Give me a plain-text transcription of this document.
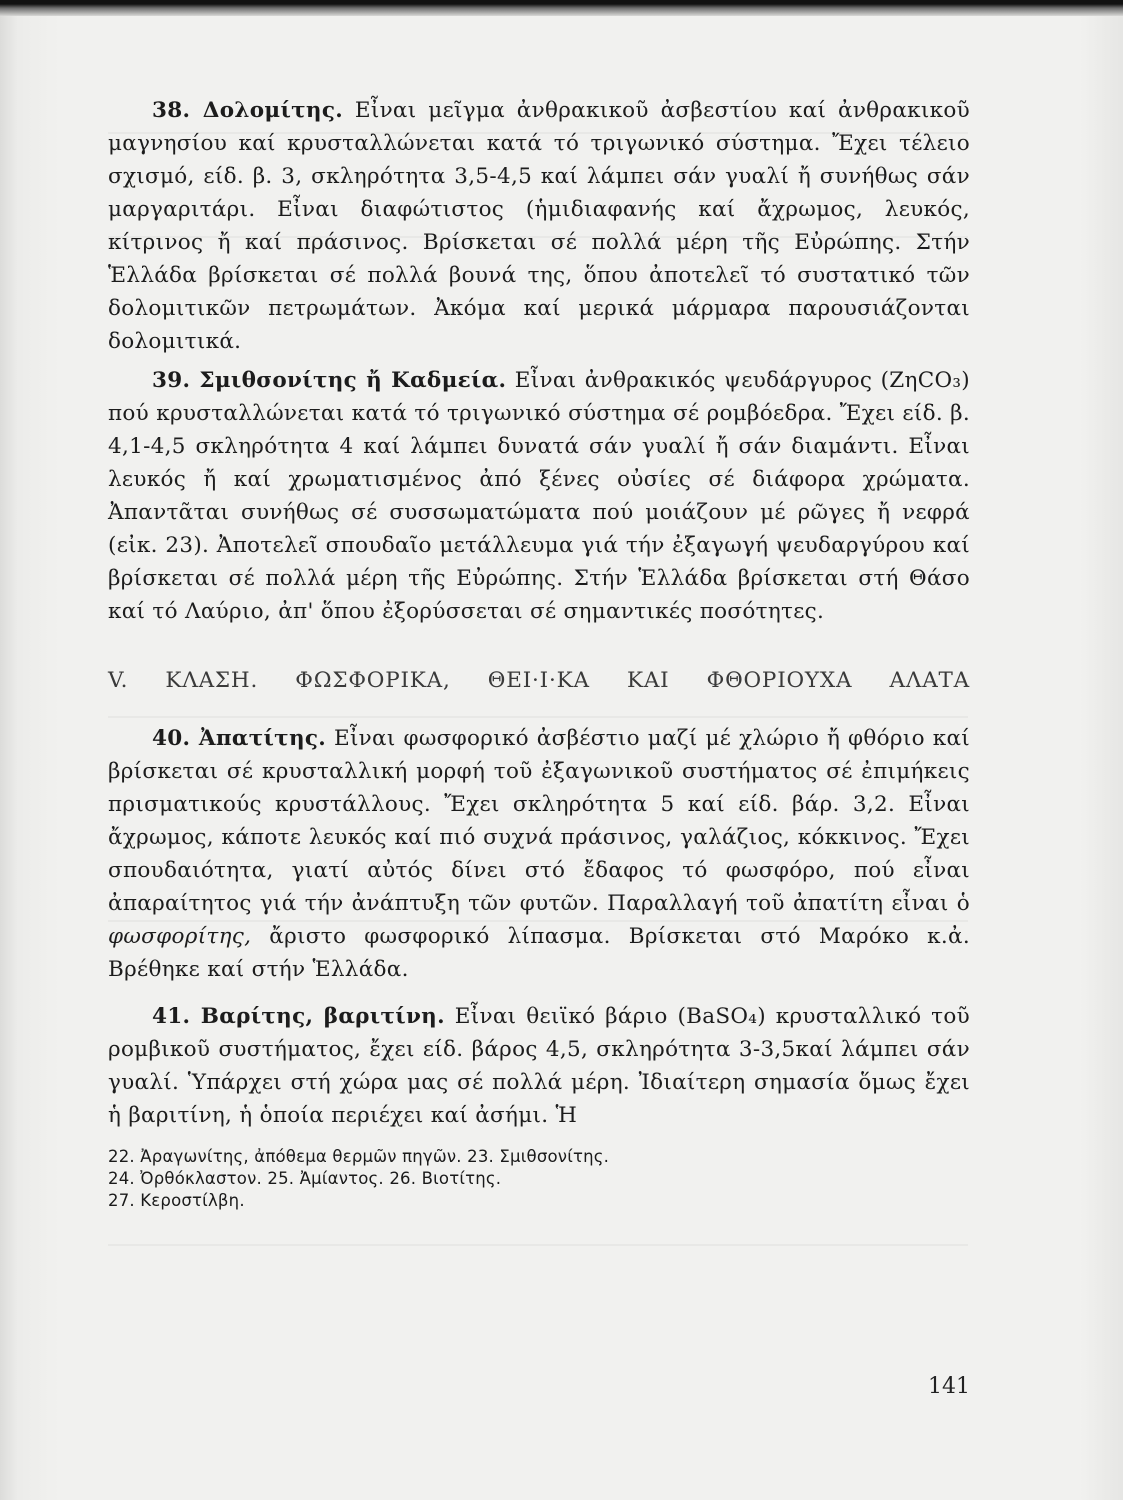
38. Δολομίτης. Εἶναι μεῖγμα ἀνθρακικοῦ ἀσβεστίου καί ἀνθρακικοῦ μαγνησίου καί κρυσταλλώνεται κατά τό τριγωνικό σύστημα. Ἔχει τέλειο σχισμό, είδ. β. 3, σκληρότητα 3,5-4,5 καί λάμπει σάν γυαλί ἤ συνήθως σάν μαργαριτάρι. Εἶναι διαφώτιστος (ἡμιδιαφανής καί ἄχρωμος, λευκός, κίτρινος ἤ καί πράσινος. Βρίσκεται σέ πολλά μέρη τῆς Εὐρώπης. Στήν Ἑλλάδα βρίσκεται σέ πολλά βουνά της, ὅπου ἀποτελεῖ τό συστατικό τῶν δολομιτικῶν πετρωμάτων. Ἀκόμα καί μερικά μάρμαρα παρουσιάζονται δολομιτικά.

39. Σμιθσονίτης ἤ Καδμεία. Εἶναι ἀνθρακικός ψευδάργυρος (ZηCO₃) πού κρυσταλλώνεται κατά τό τριγωνικό σύστημα σέ ρομβόεδρα. Ἔχει είδ. β. 4,1-4,5 σκληρότητα 4 καί λάμπει δυνατά σάν γυαλί ἤ σάν διαμάντι. Εἶναι λευκός ἤ καί χρωματισμένος ἀπό ξένες οὐσίες σέ διάφορα χρώματα. Ἀπαντᾶται συνήθως σέ συσσωματώματα πού μοιάζουν μέ ρῶγες ἤ νεφρά (εἰκ. 23). Ἀποτελεῖ σπουδαῖο μετάλλευμα γιά τήν ἐξαγωγή ψευδαργύρου καί βρίσκεται σέ πολλά μέρη τῆς Εὐρώπης. Στήν Ἑλλάδα βρίσκεται στή Θάσο καί τό Λαύριο, ἀπ' ὅπου ἐξορύσσεται σέ σημαντικές ποσότητες.

V. ΚΛΑΣΗ. ΦΩΣΦΟΡΙΚΑ, ΘΕΙ·Ι·ΚΑ ΚΑΙ ΦΘΟΡΙΟΥΧΑ ΑΛΑΤΑ

40. Ἀπατίτης. Εἶναι φωσφορικό ἀσβέστιο μαζί μέ χλώριο ἤ φθόριο καί βρίσκεται σέ κρυσταλλική μορφή τοῦ ἐξαγωνικοῦ συστήματος σέ ἐπιμήκεις πρισματικούς κρυστάλλους. Ἔχει σκληρότητα 5 καί είδ. βάρ. 3,2. Εἶναι ἄχρωμος, κάποτε λευκός καί πιό συχνά πράσινος, γαλάζιος, κόκκινος. Ἔχει σπουδαιότητα, γιατί αὐτός δίνει στό ἔδαφος τό φωσφόρο, πού εἶναι ἀπαραίτητος γιά τήν ἀνάπτυξη τῶν φυτῶν. Παραλλαγή τοῦ ἀπατίτη εἶναι ὁ φωσφορίτης, ἄριστο φωσφορικό λίπασμα. Βρίσκεται στό Μαρόκο κ.ἀ. Βρέθηκε καί στήν Ἑλλάδα.

41. Βαρίτης, βαριτίνη. Εἶναι θειϊκό βάριο (BaSO₄) κρυσταλλικό τοῦ ρομβικοῦ συστήματος, ἔχει είδ. βάρος 4,5, σκληρότητα 3-3,5καί λάμπει σάν γυαλί. Ὑπάρχει στή χώρα μας σέ πολλά μέρη. Ἰδιαίτερη σημασία ὅμως ἔχει ἡ βαριτίνη, ἡ ὁποία περιέχει καί ἀσήμι. Ἡ

22. Ἀραγωνίτης, ἀπόθεμα θερμῶν πηγῶν. 23. Σμιθσονίτης.
24. Ὀρθόκλαστον. 25. Ἀμίαντος. 26. Βιοτίτης.
27. Κεροστίλβη.
141
